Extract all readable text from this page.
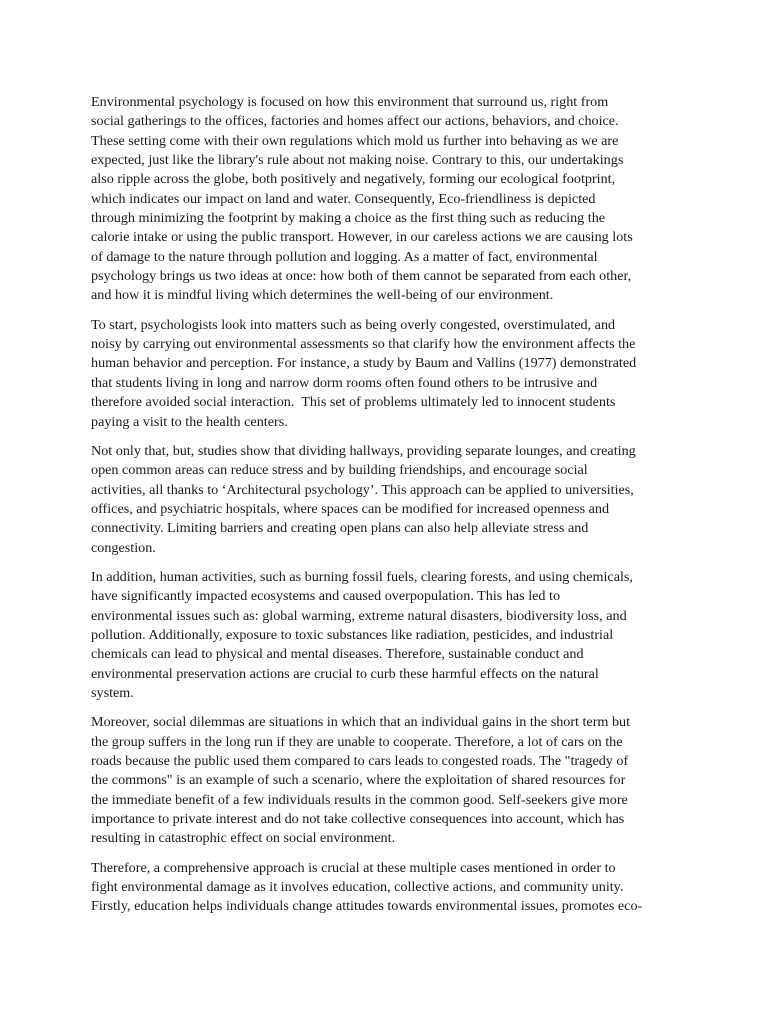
Environmental psychology is focused on how this environment that surround us, right from
social gatherings to the offices, factories and homes affect our actions, behaviors, and choice.
These setting come with their own regulations which mold us further into behaving as we are
expected, just like the library's rule about not making noise. Contrary to this, our undertakings
also ripple across the globe, both positively and negatively, forming our ecological footprint,
which indicates our impact on land and water. Consequently, Eco-friendliness is depicted
through minimizing the footprint by making a choice as the first thing such as reducing the
calorie intake or using the public transport. However, in our careless actions we are causing lots
of damage to the nature through pollution and logging. As a matter of fact, environmental
psychology brings us two ideas at once: how both of them cannot be separated from each other,
and how it is mindful living which determines the well-being of our environment.

To start, psychologists look into matters such as being overly congested, overstimulated, and
noisy by carrying out environmental assessments so that clarify how the environment affects the
human behavior and perception. For instance, a study by Baum and Vallins (1977) demonstrated
that students living in long and narrow dorm rooms often found others to be intrusive and
therefore avoided social interaction.  This set of problems ultimately led to innocent students
paying a visit to the health centers.

Not only that, but, studies show that dividing hallways, providing separate lounges, and creating
open common areas can reduce stress and by building friendships, and encourage social
activities, all thanks to ‘Architectural psychology’. This approach can be applied to universities,
offices, and psychiatric hospitals, where spaces can be modified for increased openness and
connectivity. Limiting barriers and creating open plans can also help alleviate stress and
congestion.

In addition, human activities, such as burning fossil fuels, clearing forests, and using chemicals,
have significantly impacted ecosystems and caused overpopulation. This has led to
environmental issues such as: global warming, extreme natural disasters, biodiversity loss, and
pollution. Additionally, exposure to toxic substances like radiation, pesticides, and industrial
chemicals can lead to physical and mental diseases. Therefore, sustainable conduct and
environmental preservation actions are crucial to curb these harmful effects on the natural
system.

Moreover, social dilemmas are situations in which that an individual gains in the short term but
the group suffers in the long run if they are unable to cooperate. Therefore, a lot of cars on the
roads because the public used them compared to cars leads to congested roads. The "tragedy of
the commons" is an example of such a scenario, where the exploitation of shared resources for
the immediate benefit of a few individuals results in the common good. Self-seekers give more
importance to private interest and do not take collective consequences into account, which has
resulting in catastrophic effect on social environment.

Therefore, a comprehensive approach is crucial at these multiple cases mentioned in order to
fight environmental damage as it involves education, collective actions, and community unity.
Firstly, education helps individuals change attitudes towards environmental issues, promotes eco-
